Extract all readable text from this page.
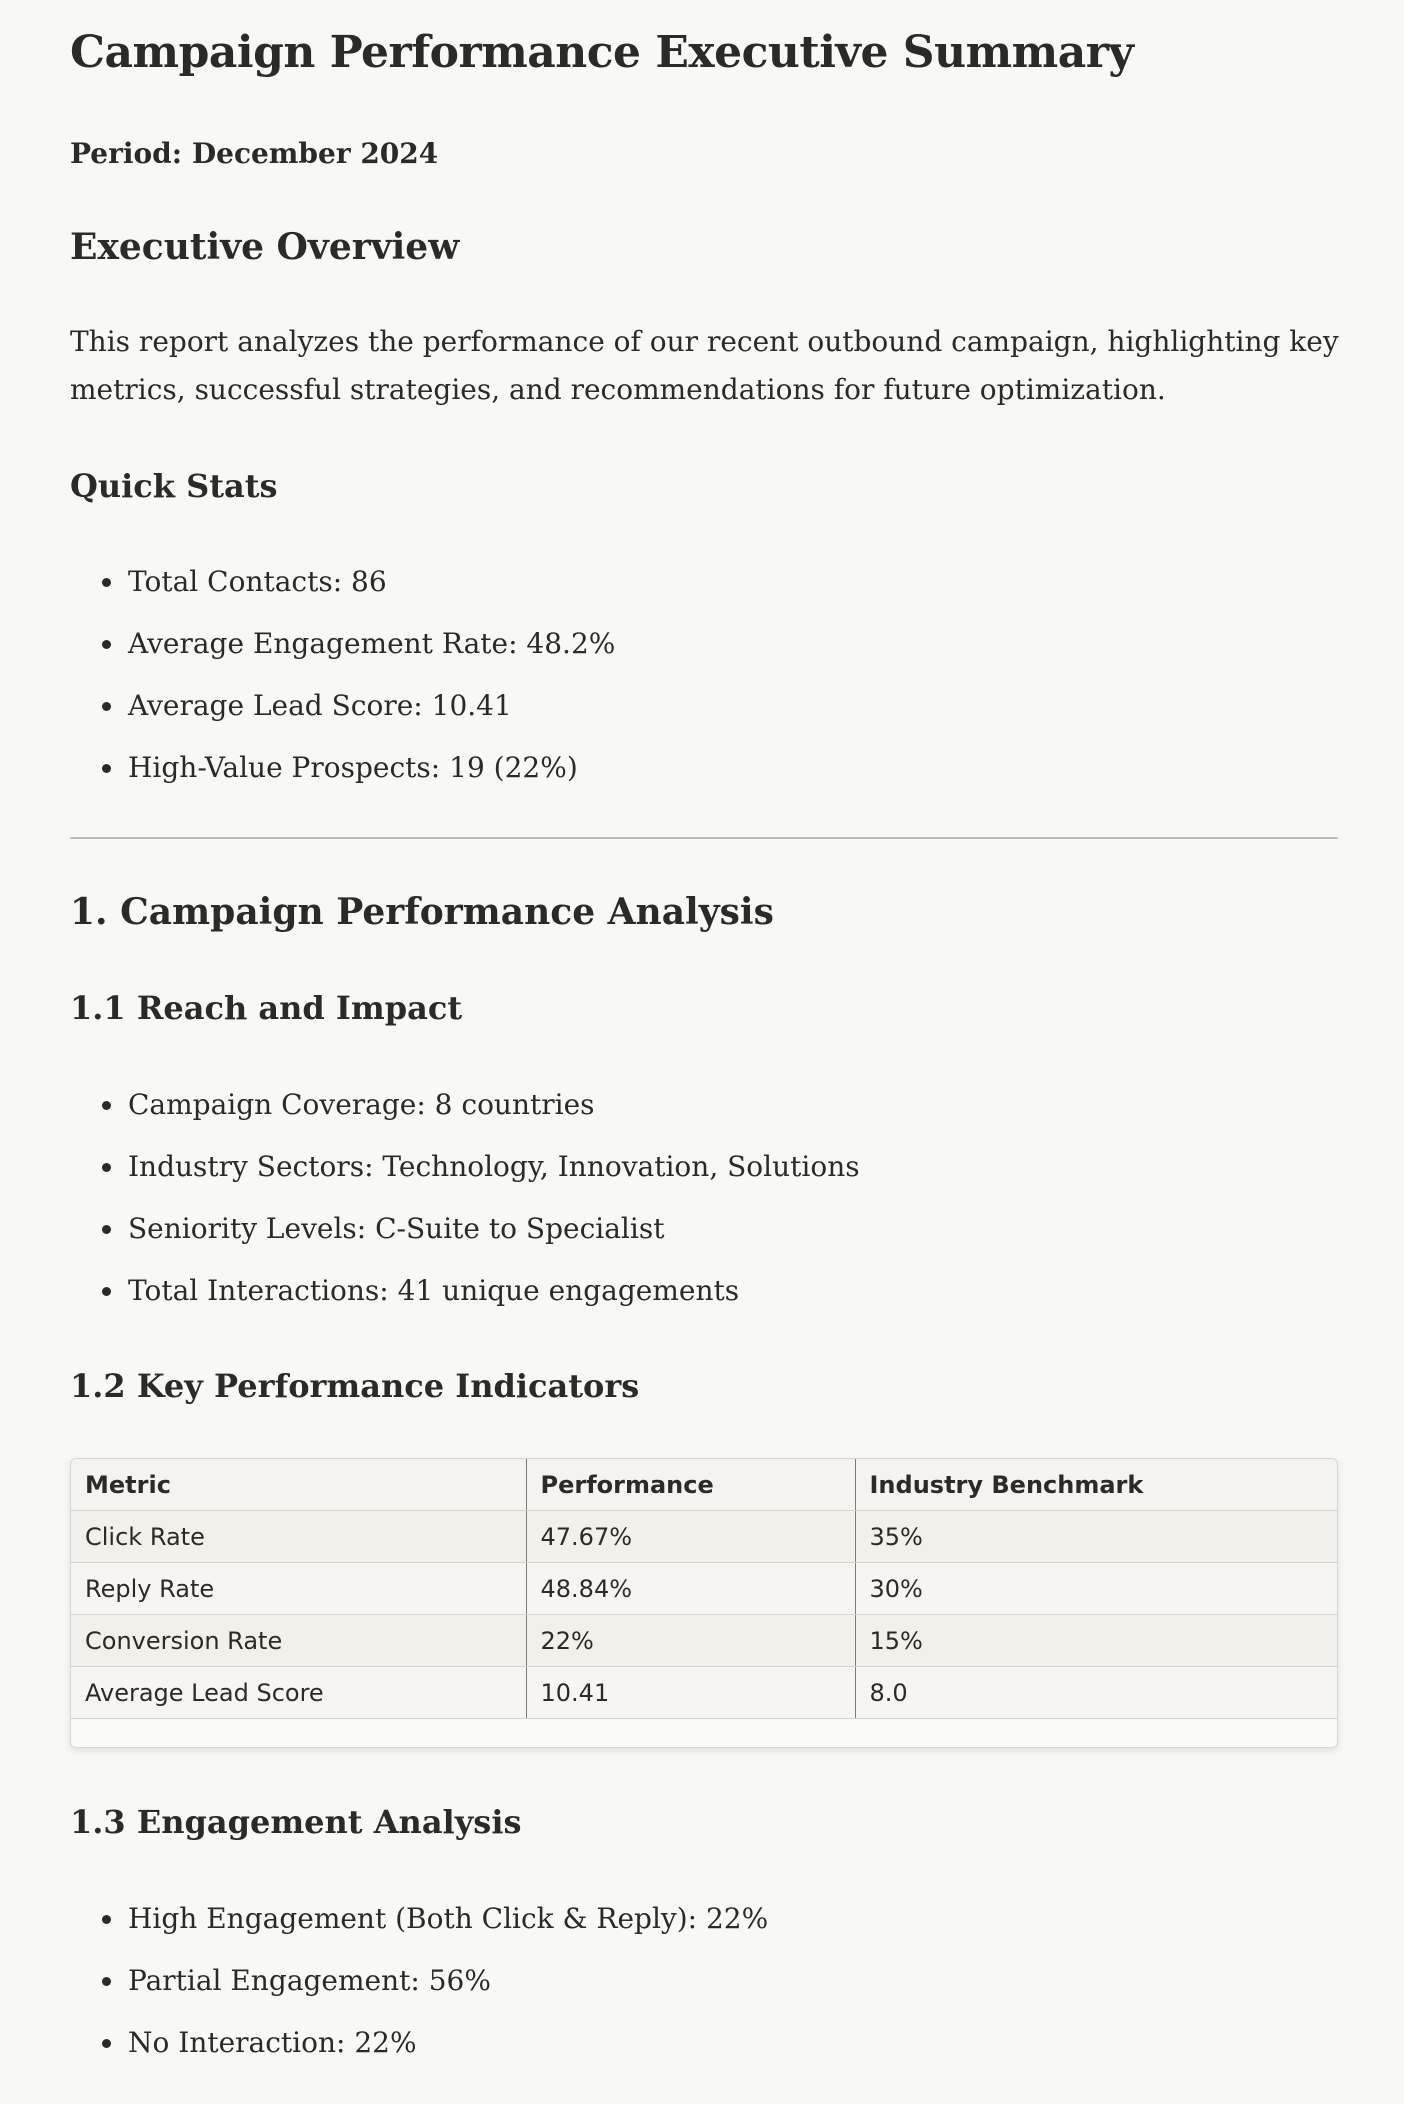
Campaign Performance Executive Summary

Period: December 2024

Executive Overview

This report analyzes the performance of our recent outbound campaign, highlighting key metrics, successful strategies, and recommendations for future optimization.

Quick Stats
Total Contacts: 86
Average Engagement Rate: 48.2%
Average Lead Score: 10.41
High-Value Prospects: 19 (22%)
1. Campaign Performance Analysis
1.1 Reach and Impact
Campaign Coverage: 8 countries
Industry Sectors: Technology, Innovation, Solutions
Seniority Levels: C-Suite to Specialist
Total Interactions: 41 unique engagements
1.2 Key Performance Indicators
Metric	Performance	Industry Benchmark
Click Rate	47.67%	35%
Reply Rate	48.84%	30%
Conversion Rate	22%	15%
Average Lead Score	10.41	8.0
1.3 Engagement Analysis
High Engagement (Both Click & Reply): 22%
Partial Engagement: 56%
No Interaction: 22%
